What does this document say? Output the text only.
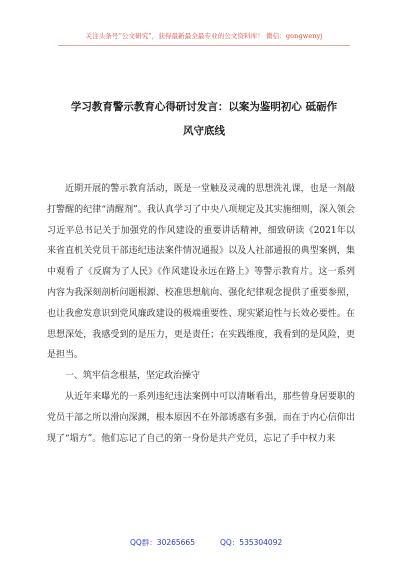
关注头条号“公文研究”，获得最新最全最专业的公文资料库！ 微信：gongwenyj
学习教育警示教育心得研讨发言：以案为鉴明初心 砥砺作
风守底线

近期开展的警示教育活动，既是一堂触及灵魂的思想洗礼课，也是一剂敲打警醒的纪律“清醒剂”。我认真学习了中央八项规定及其实施细则，深入领会习近平总书记关于加强党的作风建设的重要讲话精神，细致研读《2021年以来省直机关党员干部违纪违法案件情况通报》以及人社部通报的典型案例，集中观看了《反腐为了人民》《作风建设永远在路上》等警示教育片。这一系列内容为我深刻剖析问题根源、校准思想航向、强化纪律观念提供了重要参照，也让我愈发意识到党风廉政建设的极端重要性、现实紧迫性与长效必要性。在思想深处，我感受到的是压力，更是责任；在实践维度，我看到的是风险，更是担当。

一、筑牢信念根基，坚定政治操守

从近年来曝光的一系列违纪违法案例中可以清晰看出，那些曾身居要职的党员干部之所以滑向深渊，根本原因不在外部诱惑有多强，而在于内心信仰出现了“塌方”。他们忘记了自己的第一身份是共产党员，忘记了手中权力来

QQ群：30265665	QQ：535304092
